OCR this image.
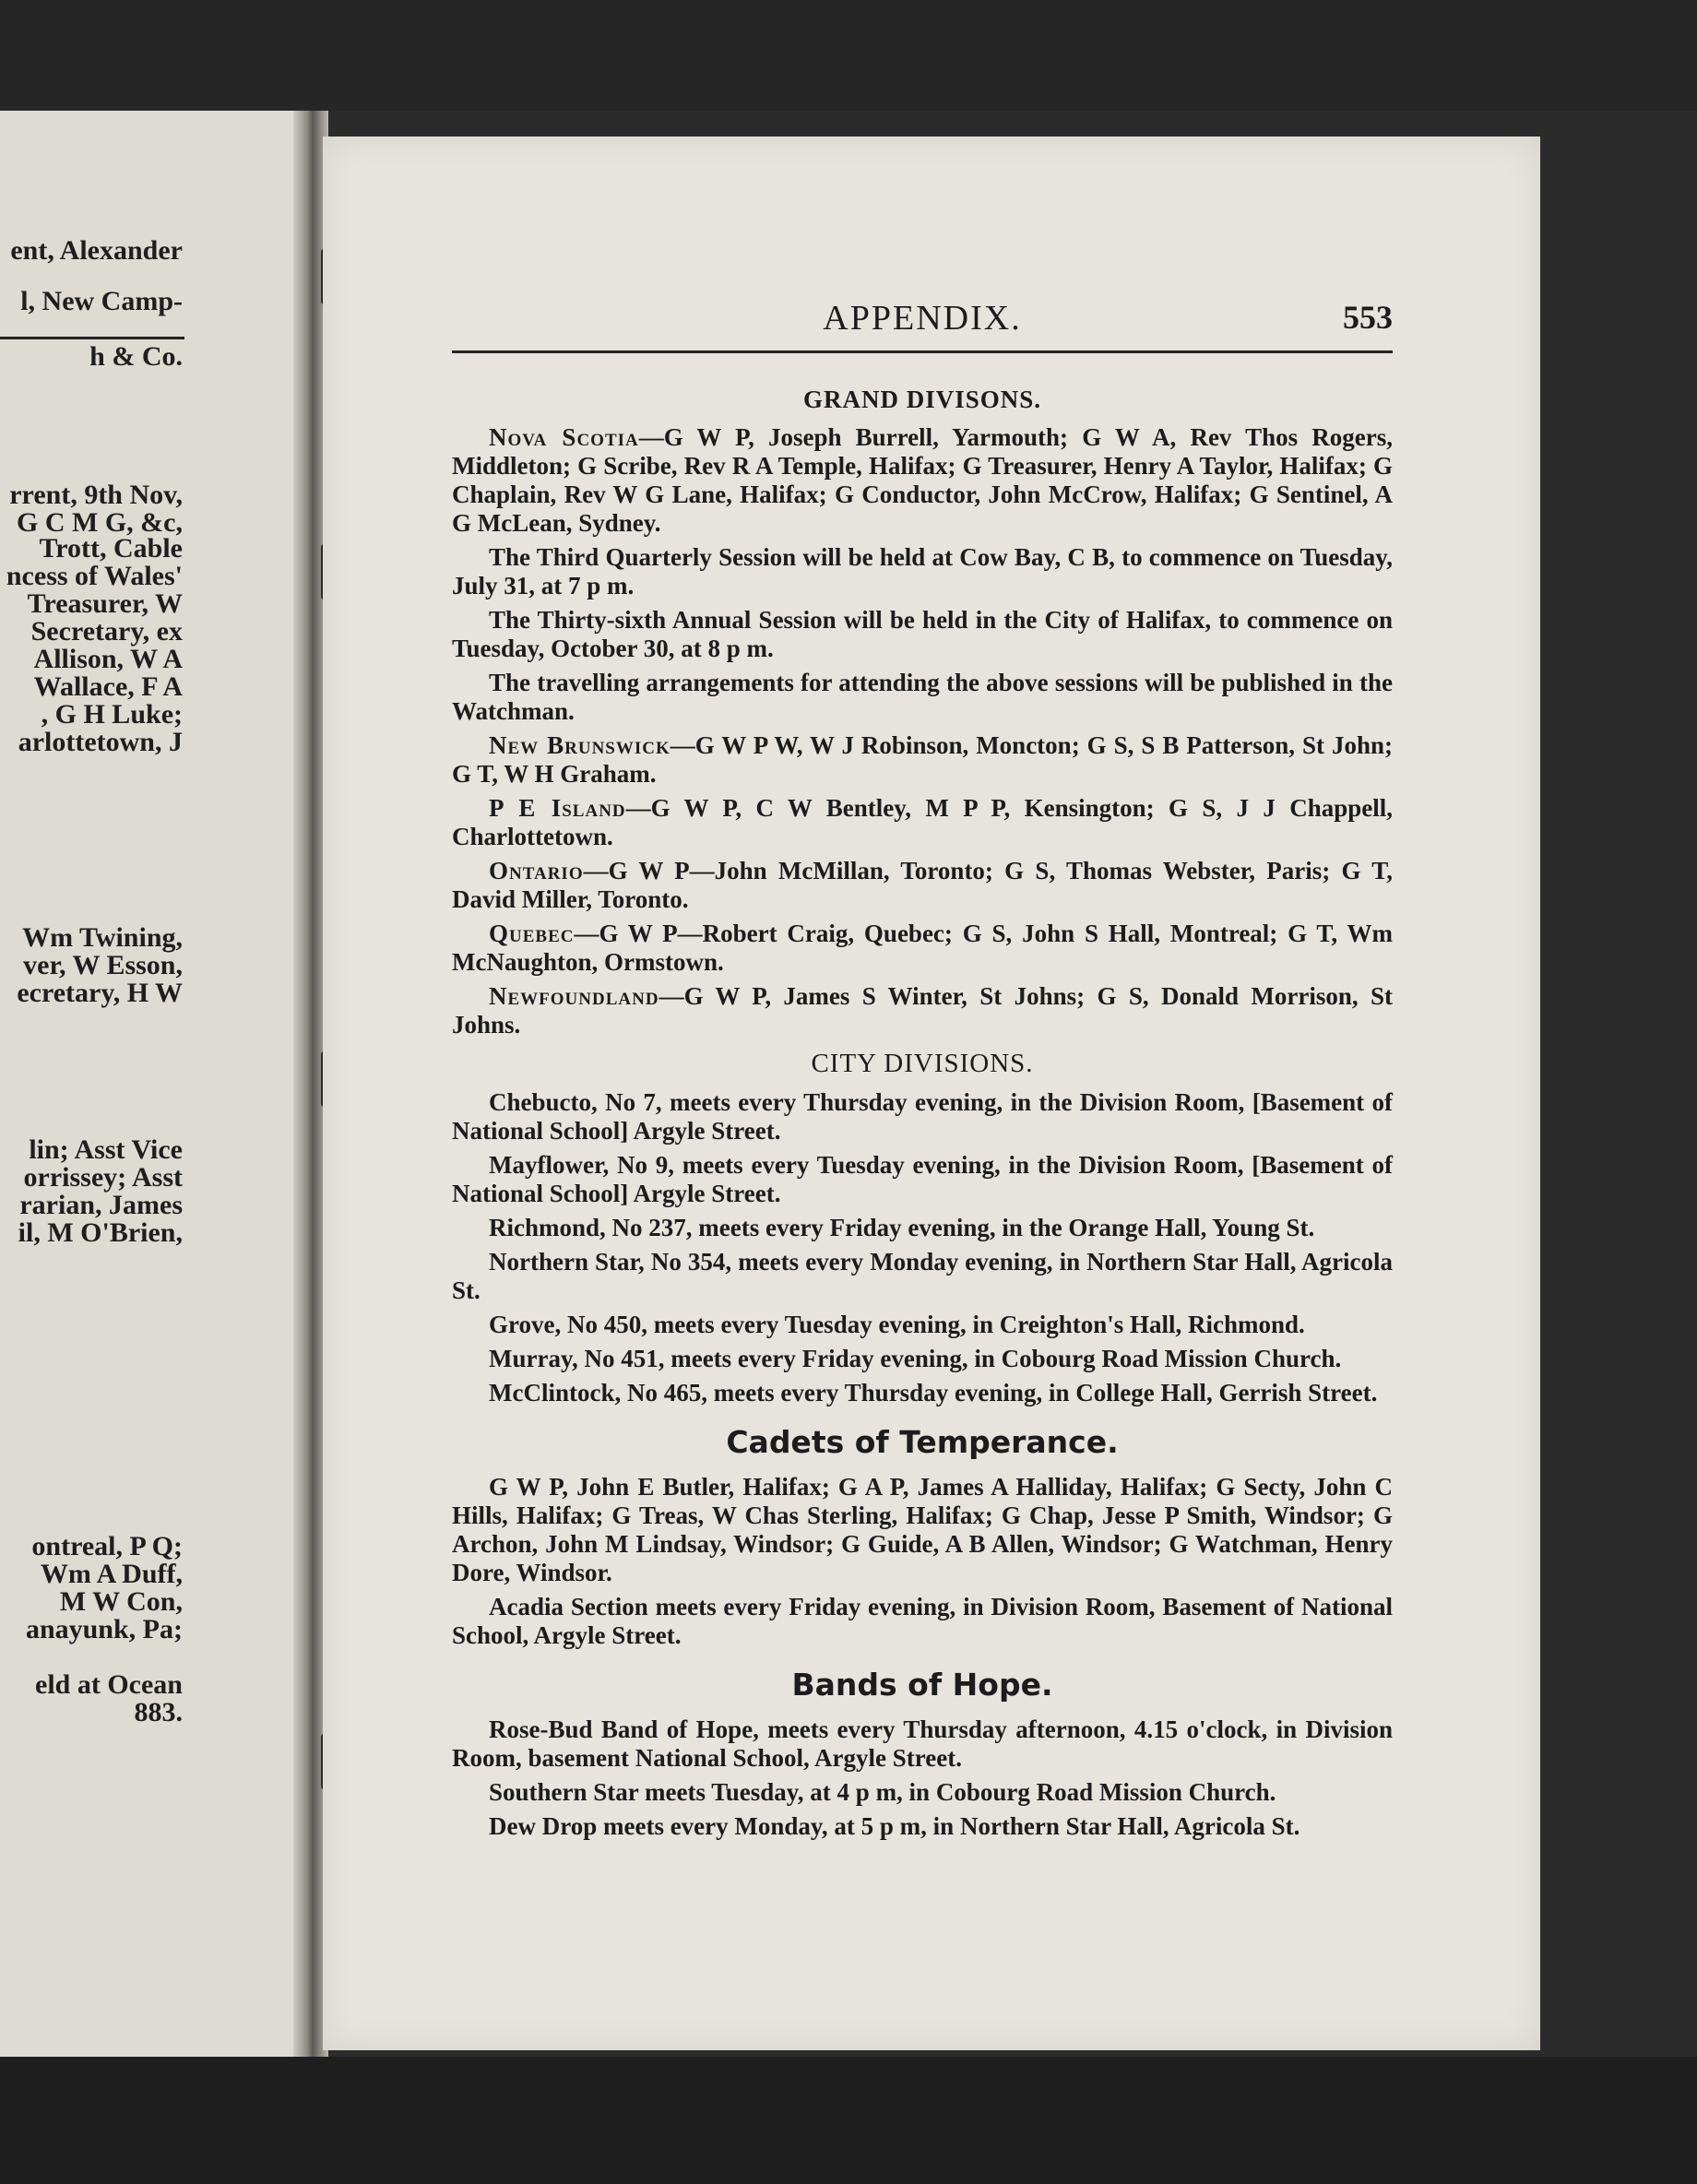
ent, Alexander
l, New Camp-
h & Co.
rrent, 9th Nov,
G C M G, &c,
Trott, Cable
ncess of Wales'
Treasurer, W
Secretary, ex
Allison, W A
Wallace, F A
, G H Luke;
arlottetown, J
Wm Twining,
ver, W Esson,
ecretary, H W
lin; Asst Vice
orrissey; Asst
rarian, James
il, M O'Brien,
ontreal, P Q;
Wm A Duff,
M W Con,
anayunk, Pa;
eld at Ocean
883.
APPENDIX.	553
GRAND DIVISONS.

Nova Scotia—G W P, Joseph Burrell, Yarmouth; G W A, Rev Thos Rogers, Middleton; G Scribe, Rev R A Temple, Halifax; G Treasurer, Henry A Taylor, Halifax; G Chaplain, Rev W G Lane, Halifax; G Conductor, John McCrow, Halifax; G Sentinel, A G McLean, Sydney.

The Third Quarterly Session will be held at Cow Bay, C B, to commence on Tuesday, July 31, at 7 p m.

The Thirty-sixth Annual Session will be held in the City of Halifax, to commence on Tuesday, October 30, at 8 p m.

The travelling arrangements for attending the above sessions will be published in the Watchman.

New Brunswick—G W P W, W J Robinson, Moncton; G S, S B Patterson, St John; G T, W H Graham.

P E Island—G W P, C W Bentley, M P P, Kensington; G S, J J Chappell, Charlottetown.

Ontario—G W P—John McMillan, Toronto; G S, Thomas Webster, Paris; G T, David Miller, Toronto.

Quebec—G W P—Robert Craig, Quebec; G S, John S Hall, Montreal; G T, Wm McNaughton, Ormstown.

Newfoundland—G W P, James S Winter, St Johns; G S, Donald Morrison, St Johns.

CITY DIVISIONS.

Chebucto, No 7, meets every Thursday evening, in the Division Room, [Basement of National School] Argyle Street.

Mayflower, No 9, meets every Tuesday evening, in the Division Room, [Basement of National School] Argyle Street.

Richmond, No 237, meets every Friday evening, in the Orange Hall, Young St.

Northern Star, No 354, meets every Monday evening, in Northern Star Hall, Agricola St.

Grove, No 450, meets every Tuesday evening, in Creighton's Hall, Richmond.

Murray, No 451, meets every Friday evening, in Cobourg Road Mission Church.

McClintock, No 465, meets every Thursday evening, in College Hall, Gerrish Street.

Cadets of Temperance.

G W P, John E Butler, Halifax; G A P, James A Halliday, Halifax; G Secty, John C Hills, Halifax; G Treas, W Chas Sterling, Halifax; G Chap, Jesse P Smith, Windsor; G Archon, John M Lindsay, Windsor; G Guide, A B Allen, Windsor; G Watchman, Henry Dore, Windsor.

Acadia Section meets every Friday evening, in Division Room, Basement of National School, Argyle Street.

Bands of Hope.

Rose-Bud Band of Hope, meets every Thursday afternoon, 4.15 o'clock, in Division Room, basement National School, Argyle Street.

Southern Star meets Tuesday, at 4 p m, in Cobourg Road Mission Church.

Dew Drop meets every Monday, at 5 p m, in Northern Star Hall, Agricola St.
